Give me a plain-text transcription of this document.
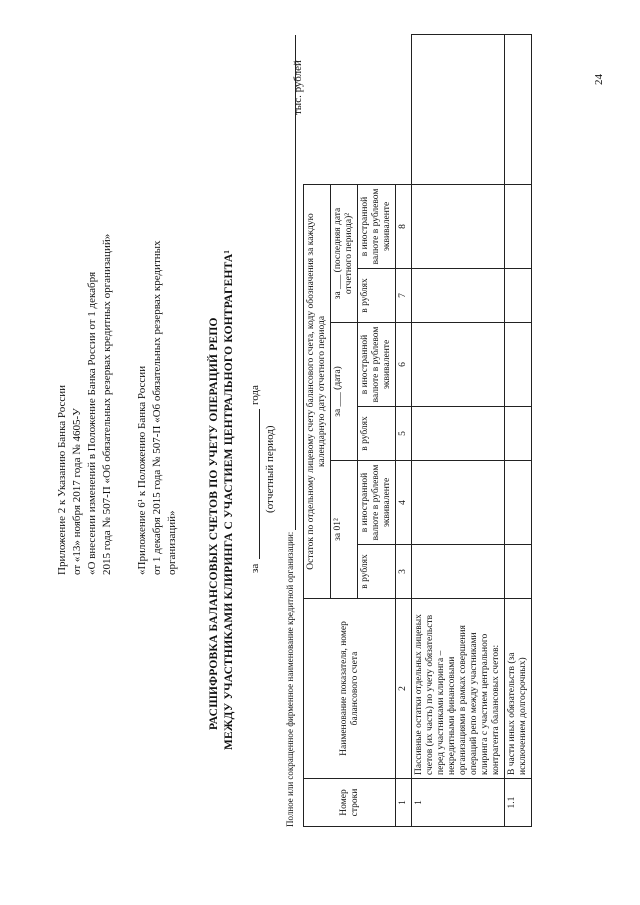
Приложение 2 к Указанию Банка России от «13» ноября 2017 года № 4605-У «О внесении изменений в Положение Банка России от 1 декабря 2015 года № 507-П «Об обязательных резервах кредитных организаций» «Приложение 6¹ к Положению Банка России от 1 декабря 2015 года № 507-П «Об обязательных резервах кредитных организаций»	РАСШИФРОВКА БАЛАНСОВЫХ СЧЕТОВ ПО УЧЕТУ ОПЕРАЦИЙ РЕПО МЕЖДУ УЧАСТНИКАМИ КЛИРИНГА С УЧАСТИЕМ ЦЕНТРАЛЬНОГО КОНТРАГЕНТА¹ за
года
(отчетный период)
Полное или сокращенное фирменное наименование кредитной организации:
тыс. рублей
Номер строки	Наименование показателя, номер балансового счета	Остаток по отдельному лицевому счету балансового счета, коду обозначения за каждую календарную дату отчетного периода						
		за 01²		за ___ (дата)		за ___ (последняя дата отчетного периода)²		
		в рублях	в иностранной валюте в рублевом эквиваленте	в рублях	в иностранной валюте в рублевом эквиваленте	в рублях	в иностранной валюте в рублевом эквиваленте	
1	2	3	4	5	6	7	8	
1	Пассивные остатки отдельных лицевых счетов (их часть) по учету обязательств перед участниками клиринга – некредитными финансовыми организациями в рамках совершения операций репо между участниками клиринга с участием центрального контрагента балансовых счетов:							
1.1	В части иных обязательств (за исключением долгосрочных)							
24
